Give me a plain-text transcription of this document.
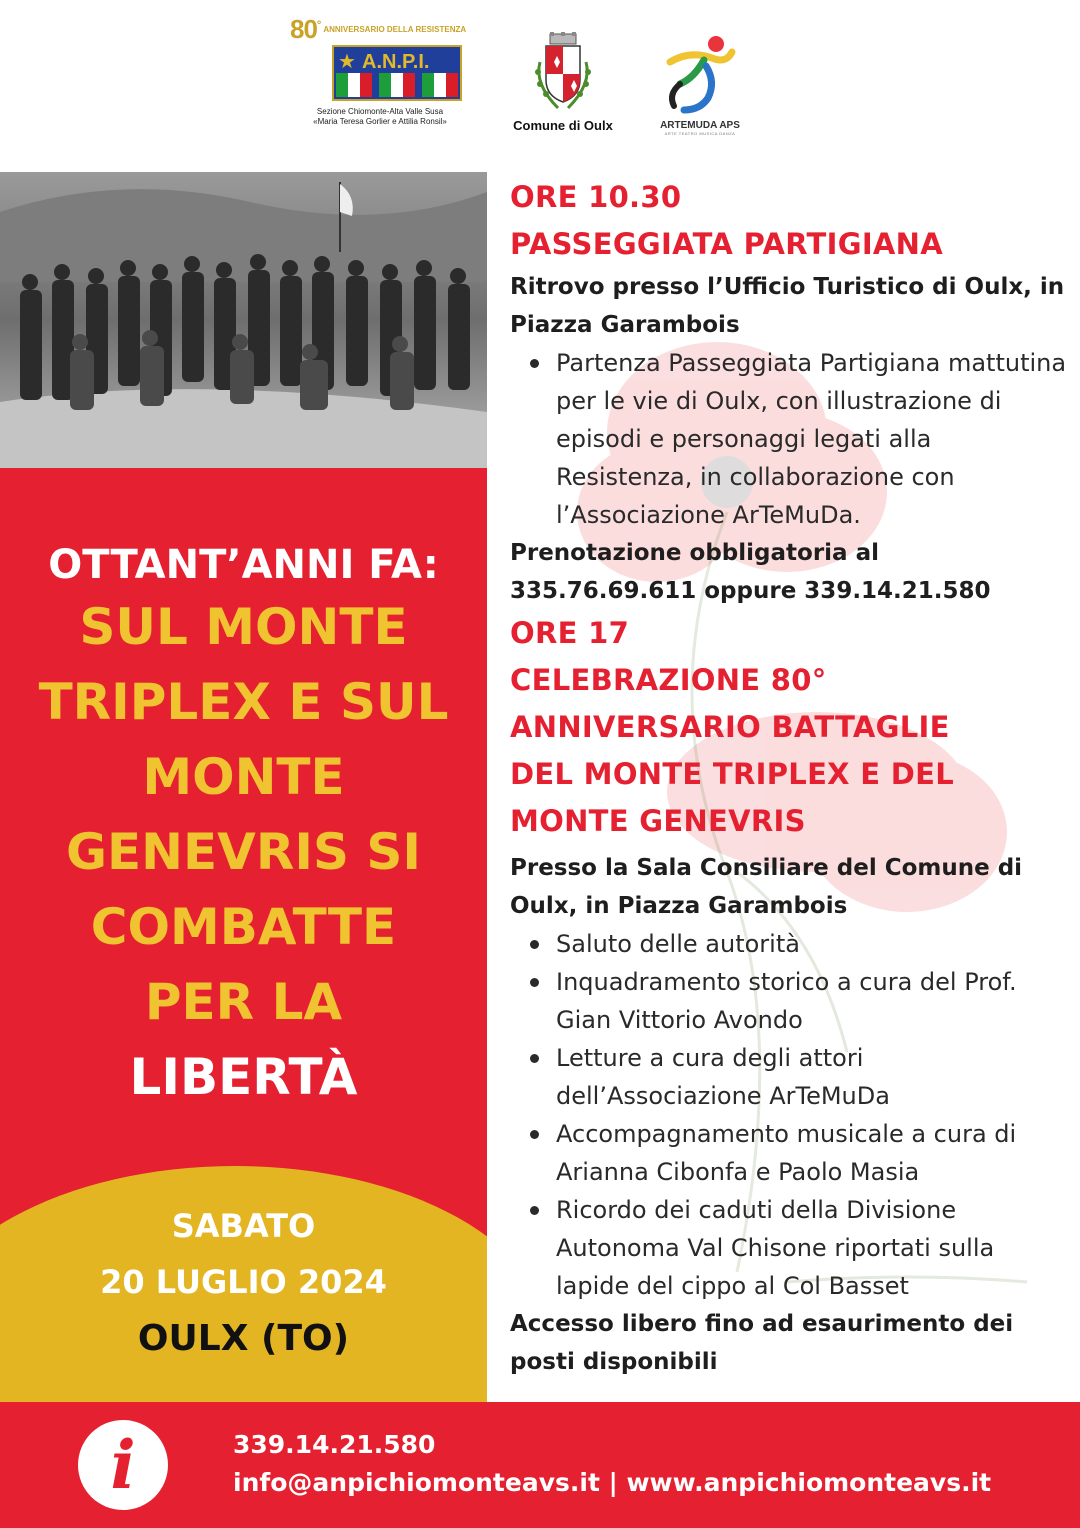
80° ANNIVERSARIO DELLA RESISTENZA
★ A.N.P.I.
Sezione Chiomonte-Alta Valle Susa
«Maria Teresa Gorlier e Attilia Ronsil»	Comune di Oulx	ARTEMUDA APS
ARTE TEATRO MUSICA DANZA
OTTANT’ANNI FA:
SUL MONTE
TRIPLEX E SUL
MONTE
GENEVRIS SI
COMBATTE
PER LA
LIBERTÀ
SABATO
20 LUGLIO 2024
OULX (TO)
ORE 10.30
PASSEGGIATA PARTIGIANA
Ritrovo presso l’Ufficio Turistico di Oulx, in Piazza Garambois
Partenza Passeggiata Partigiana mattutina per le vie di Oulx, con illustrazione di episodi e personaggi legati alla Resistenza, in collaborazione con l’Associazione ArTeMuDa.
Prenotazione obbligatoria al 335.76.69.611 oppure 339.14.21.580
ORE 17
CELEBRAZIONE 80° ANNIVERSARIO BATTAGLIE DEL MONTE TRIPLEX E DEL MONTE GENEVRIS
Presso la Sala Consiliare del Comune di Oulx, in Piazza Garambois
Saluto delle autorità
Inquadramento storico a cura del Prof. Gian Vittorio Avondo
Letture a cura degli attori dell’Associazione ArTeMuDa
Accompagnamento musicale a cura di Arianna Cibonfa e Paolo Masia
Ricordo dei caduti della Divisione Autonoma Val Chisone riportati sulla lapide del cippo al Col Basset
Accesso libero fino ad esaurimento dei posti disponibili
i	339.14.21.580
info@anpichiomonteavs.it | www.anpichiomonteavs.it
